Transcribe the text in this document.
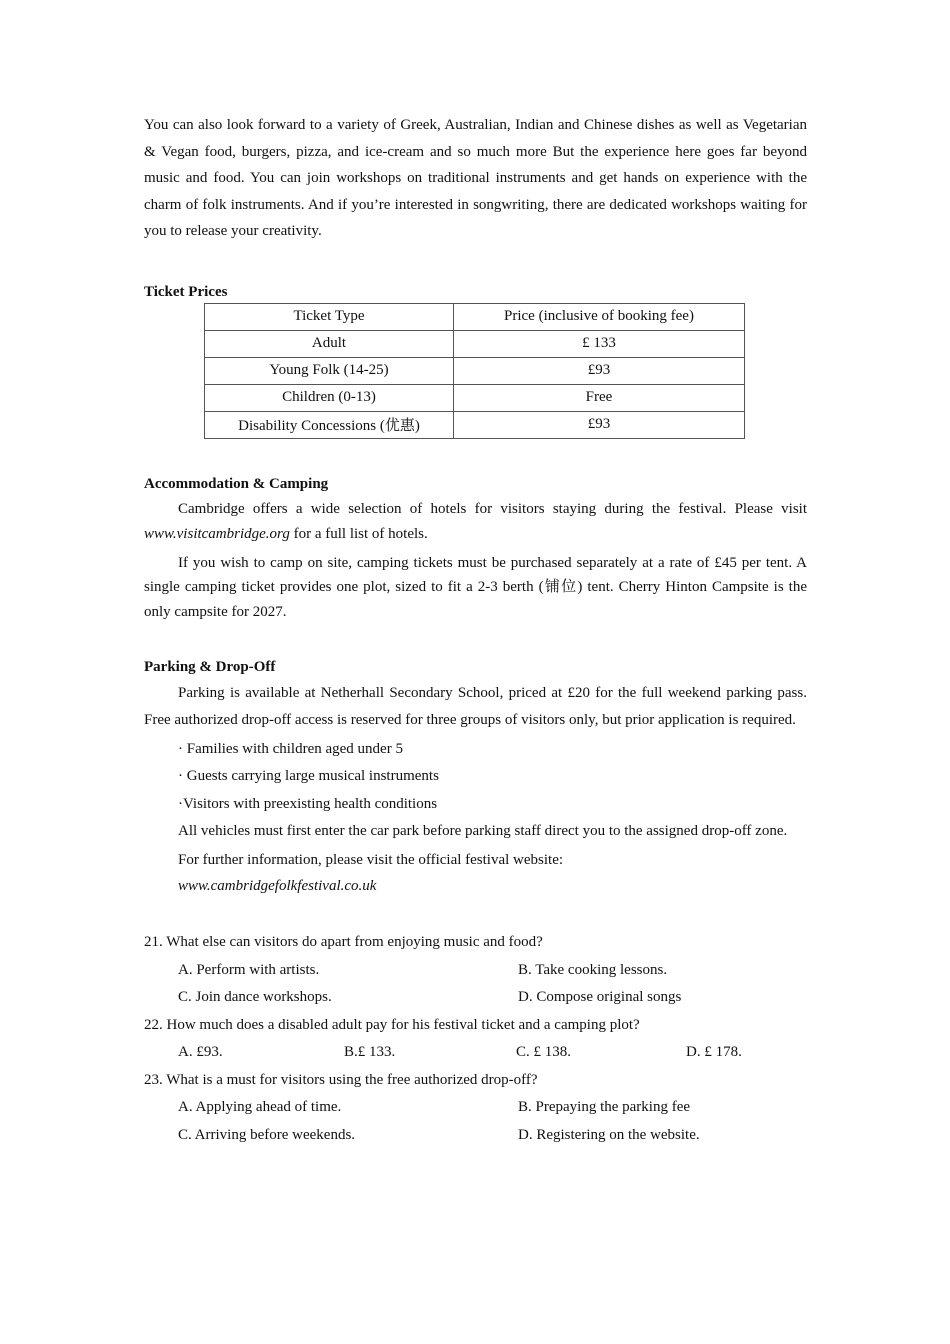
You can also look forward to a variety of Greek, Australian, Indian and Chinese dishes as well as Vegetarian & Vegan food, burgers, pizza, and ice-cream and so much more But the experience here goes far beyond music and food. You can join workshops on traditional instruments and get hands on experience with the charm of folk instruments. And if you’re interested in songwriting, there are dedicated workshops waiting for you to release your creativity.

Ticket Prices

Ticket Type	Price (inclusive of booking fee)
Adult	£ 133
Young Folk (14-25)	£93
Children (0-13)	Free
Disability Concessions (优惠)	£93

Accommodation & Camping

Cambridge offers a wide selection of hotels for visitors staying during the festival. Please visit www.visitcambridge.org for a full list of hotels.

If you wish to camp on site, camping tickets must be purchased separately at a rate of £45 per tent. A single camping ticket provides one plot, sized to fit a 2-3 berth (铺位) tent. Cherry Hinton Campsite is the only campsite for 2027.

Parking & Drop-Off

Parking is available at Netherhall Secondary School, priced at £20 for the full weekend parking pass. Free authorized drop-off access is reserved for three groups of visitors only, but prior application is required.

· Families with children aged under 5

· Guests carrying large musical instruments

·Visitors with preexisting health conditions

All vehicles must first enter the car park before parking staff direct you to the assigned drop-off zone.

For further information, please visit the official festival website:

www.cambridgefolkfestival.co.uk

21. What else can visitors do apart from enjoying music and food?

A. Perform with artists.	B. Take cooking lessons.
C. Join dance workshops.	D. Compose original songs

22. How much does a disabled adult pay for his festival ticket and a camping plot?

A. £93.	B.£ 133.	C. £ 138.	D. £ 178.

23. What is a must for visitors using the free authorized drop-off?

A. Applying ahead of time.	B. Prepaying the parking fee
C. Arriving before weekends.	D. Registering on the website.
